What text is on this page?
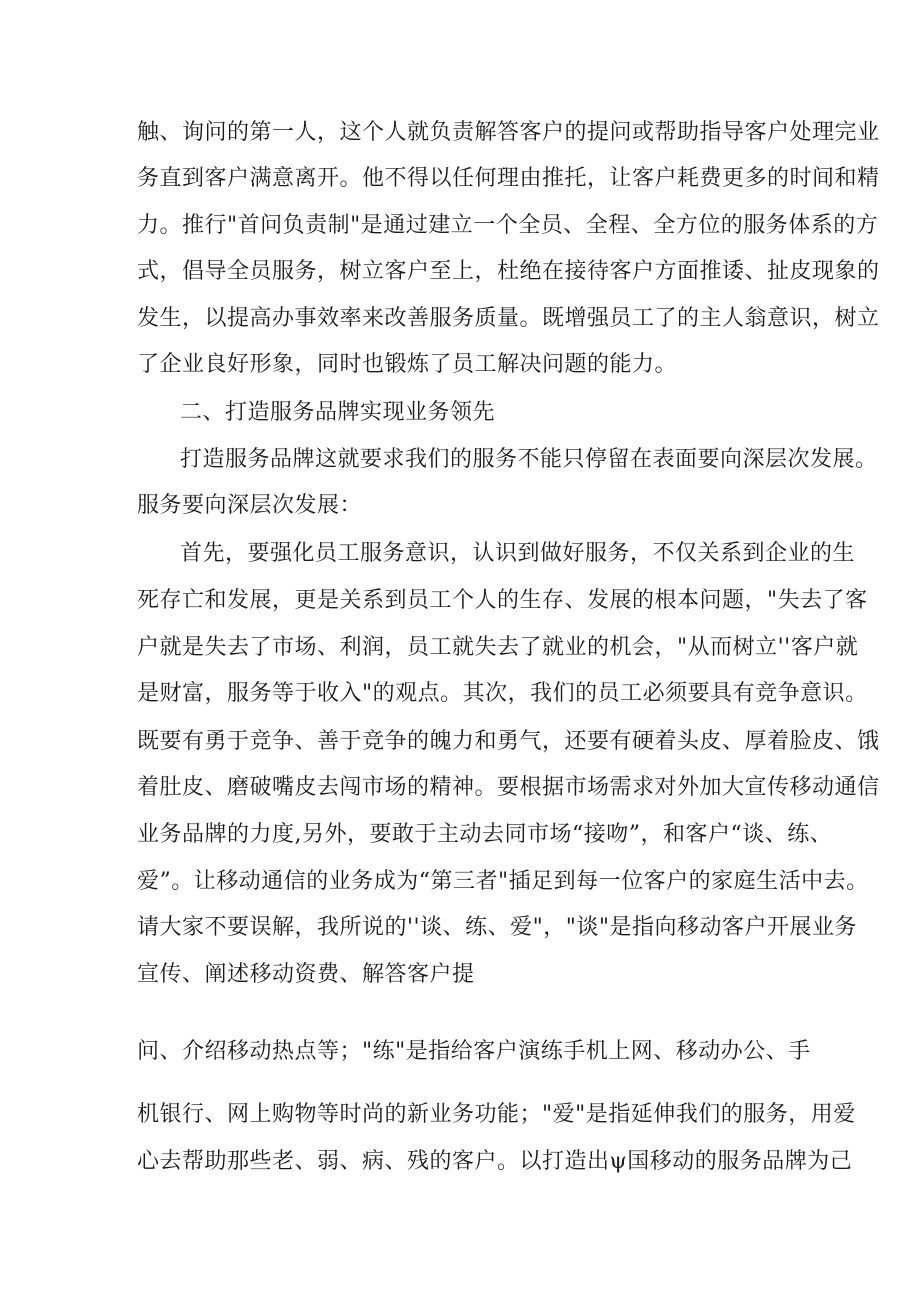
触、询问的第一人，这个人就负责解答客户的提问或帮助指导客户处理完业
务直到客户满意离开。他不得以任何理由推托，让客户耗费更多的时间和精
力。推行"首问负责制"是通过建立一个全员、全程、全方位的服务体系的方
式，倡导全员服务，树立客户至上，杜绝在接待客户方面推诿、扯皮现象的
发生，以提高办事效率来改善服务质量。既增强员工了的主人翁意识，树立
了企业良好形象，同时也锻炼了员工解决问题的能力。
二、打造服务品牌实现业务领先
打造服务品牌这就要求我们的服务不能只停留在表面要向深层次发展。
服务要向深层次发展：
首先，要强化员工服务意识，认识到做好服务，不仅关系到企业的生
死存亡和发展，更是关系到员工个人的生存、发展的根本问题，"失去了客
户就是失去了市场、利润，员工就失去了就业的机会，"从而树立''客户就
是财富，服务等于收入"的观点。其次，我们的员工必须要具有竞争意识。
既要有勇于竞争、善于竞争的魄力和勇气，还要有硬着头皮、厚着脸皮、饿
着肚皮、磨破嘴皮去闯市场的精神。要根据市场需求对外加大宣传移动通信
业务品牌的力度,另外，要敢于主动去同市场“接吻”，和客户“谈、练、
爱”。让移动通信的业务成为“第三者"插足到每一位客户的家庭生活中去。
请大家不要误解，我所说的''谈、练、爱"，"谈"是指向移动客户开展业务
宣传、阐述移动资费、解答客户提
问、介绍移动热点等；"练"是指给客户演练手机上网、移动办公、手
机银行、网上购物等时尚的新业务功能；"爱"是指延伸我们的服务，用爱
心去帮助那些老、弱、病、残的客户。以打造出ψ国移动的服务品牌为己
